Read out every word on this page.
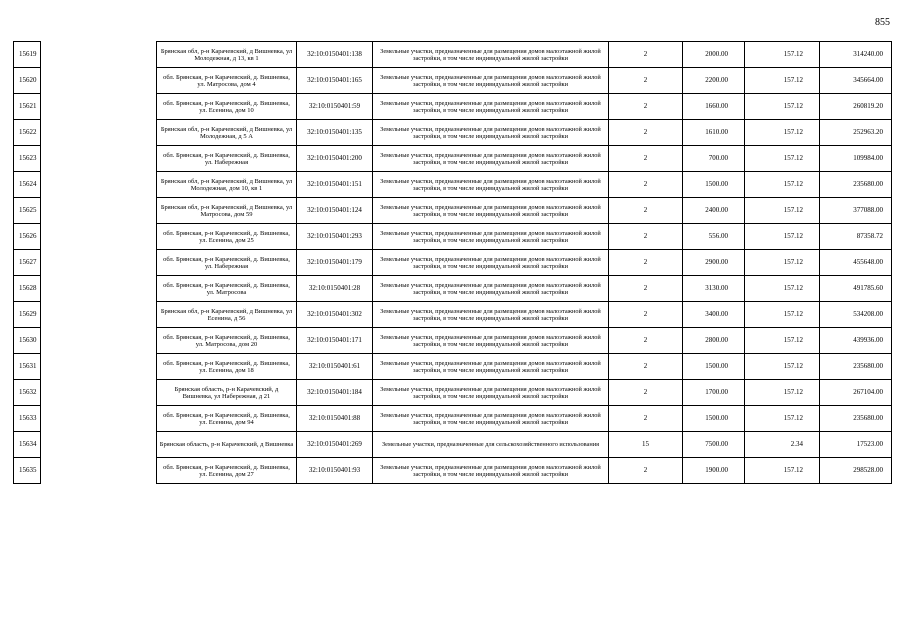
855
15619		Брянская обл, р-н Карачевский, д Вишневка, ул Молодежная, д 13, кв 1	32:10:0150401:138	Земельные участки, предназначенные для размещения домов малоэтажной жилой застройки, в том числе индивидуальной жилой застройки	2	2000.00	157.12	314240.00
15620		обл. Брянская, р-н Карачевский, д. Вишневка, ул. Матросова, дом 4	32:10:0150401:165	Земельные участки, предназначенные для размещения домов малоэтажной жилой застройки, в том числе индивидуальной жилой застройки	2	2200.00	157.12	345664.00
15621		обл. Брянская, р-н Карачевский, д. Вишневка, ул. Есенина, дом 10	32:10:0150401:59	Земельные участки, предназначенные для размещения домов малоэтажной жилой застройки, в том числе индивидуальной жилой застройки	2	1660.00	157.12	260819.20
15622		Брянская обл, р-н Карачевский, д Вишневка, ул Молодежная, д 5 А	32:10:0150401:135	Земельные участки, предназначенные для размещения домов малоэтажной жилой застройки, в том числе индивидуальной жилой застройки	2	1610.00	157.12	252963.20
15623		обл. Брянская, р-н Карачевский, д. Вишневка, ул. Набережная	32:10:0150401:200	Земельные участки, предназначенные для размещения домов малоэтажной жилой застройки, в том числе индивидуальной жилой застройки	2	700.00	157.12	109984.00
15624		Брянская обл, р-н Карачевский, д Вишневка, ул Молодежная, дом 10, кв 1	32:10:0150401:151	Земельные участки, предназначенные для размещения домов малоэтажной жилой застройки, в том числе индивидуальной жилой застройки	2	1500.00	157.12	235680.00
15625		Брянская обл, р-н Карачевский, д Вишневка, ул Матросова, дом 59	32:10:0150401:124	Земельные участки, предназначенные для размещения домов малоэтажной жилой застройки, в том числе индивидуальной жилой застройки	2	2400.00	157.12	377088.00
15626		обл. Брянская, р-н Карачевский, д. Вишневка, ул. Есенина, дом 25	32:10:0150401:293	Земельные участки, предназначенные для размещения домов малоэтажной жилой застройки, в том числе индивидуальной жилой застройки	2	556.00	157.12	87358.72
15627		обл. Брянская, р-н Карачевский, д. Вишневка, ул. Набережная	32:10:0150401:179	Земельные участки, предназначенные для размещения домов малоэтажной жилой застройки, в том числе индивидуальной жилой застройки	2	2900.00	157.12	455648.00
15628		обл. Брянская, р-н Карачевский, д. Вишневка, ул. Матросова	32:10:0150401:28	Земельные участки, предназначенные для размещения домов малоэтажной жилой застройки, в том числе индивидуальной жилой застройки	2	3130.00	157.12	491785.60
15629		Брянская обл, р-н Карачевский, д Вишневка, ул Есенина, д 56	32:10:0150401:302	Земельные участки, предназначенные для размещения домов малоэтажной жилой застройки, в том числе индивидуальной жилой застройки	2	3400.00	157.12	534208.00
15630		обл. Брянская, р-н Карачевский, д. Вишневка, ул. Матросова, дом 20	32:10:0150401:171	Земельные участки, предназначенные для размещения домов малоэтажной жилой застройки, в том числе индивидуальной жилой застройки	2	2800.00	157.12	439936.00
15631		обл. Брянская, р-н Карачевский, д. Вишневка, ул. Есенина, дом 18	32:10:0150401:61	Земельные участки, предназначенные для размещения домов малоэтажной жилой застройки, в том числе индивидуальной жилой застройки	2	1500.00	157.12	235680.00
15632		Брянская область, р-н Карачевский, д Вишневка, ул Набережная, д 21	32:10:0150401:184	Земельные участки, предназначенные для размещения домов малоэтажной жилой застройки, в том числе индивидуальной жилой застройки	2	1700.00	157.12	267104.00
15633		обл. Брянская, р-н Карачевский, д. Вишневка, ул. Есенина, дом 94	32:10:0150401:88	Земельные участки, предназначенные для размещения домов малоэтажной жилой застройки, в том числе индивидуальной жилой застройки	2	1500.00	157.12	235680.00
15634		Брянская область, р-н Карачевский, д Вишневка	32:10:0150401:269	Земельные участки, предназначенные для сельскохозяйственного использования	15	7500.00	2.34	17523.00
15635		обл. Брянская, р-н Карачевский, д. Вишневка, ул. Есенина, дом 27	32:10:0150401:93	Земельные участки, предназначенные для размещения домов малоэтажной жилой застройки, в том числе индивидуальной жилой застройки	2	1900.00	157.12	298528.00
